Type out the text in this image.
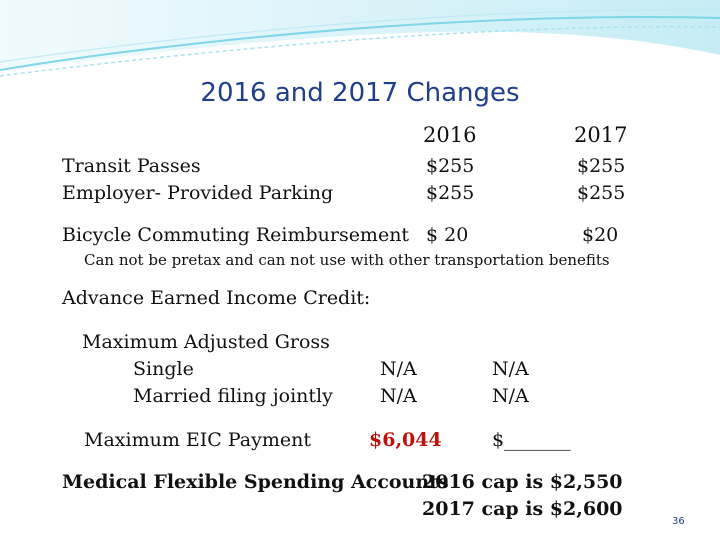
2016 and 2017 Changes
2016	2017
Transit Passes	$255	$255
Employer- Provided Parking	$255	$255
Bicycle Commuting Reimbursement $ 20	$20
Can not be pretax and can not use with other transportation benefits
Advance Earned Income Credit:
Maximum Adjusted Gross
Single	N/A	N/A
Married filing jointly N/A	N/A
Maximum EIC Payment	$6,044	$_______
Medical Flexible Spending Accounts
2016 cap is $2,550
2017 cap is $2,600
36
